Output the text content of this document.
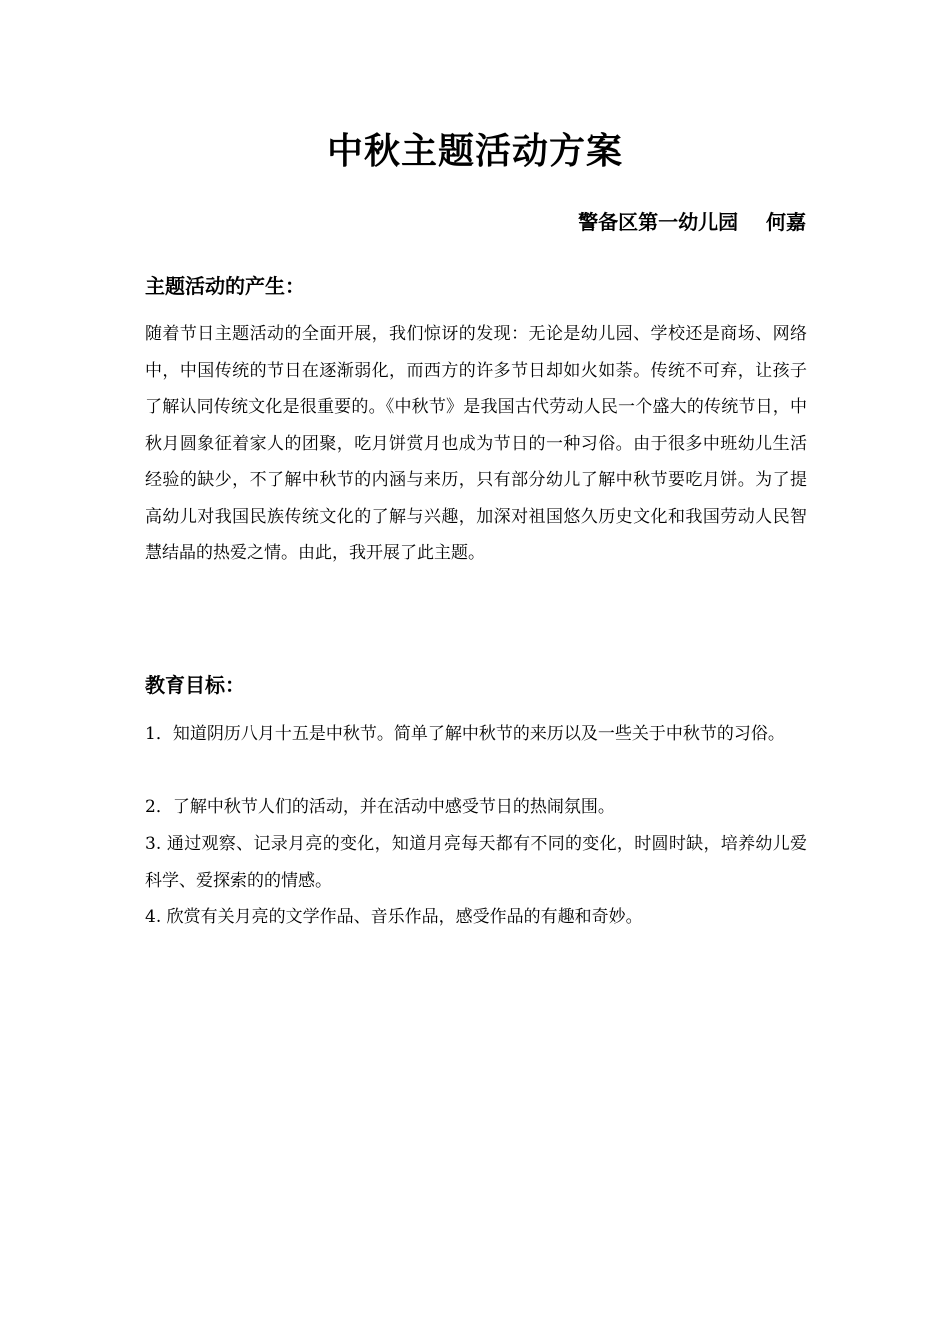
中秋主题活动方案
警备区第一幼儿园    何嘉
主题活动的产生：

随着节日主题活动的全面开展，我们惊讶的发现：无论是幼儿园、学校还是商场、网络中，中国传统的节日在逐渐弱化，而西方的许多节日却如火如荼。传统不可弃，让孩子了解认同传统文化是很重要的。《中秋节》是我国古代劳动人民一个盛大的传统节日，中秋月圆象征着家人的团聚，吃月饼赏月也成为节日的一种习俗。由于很多中班幼儿生活经验的缺少，不了解中秋节的内涵与来历，只有部分幼儿了解中秋节要吃月饼。为了提高幼儿对我国民族传统文化的了解与兴趣，加深对祖国悠久历史文化和我国劳动人民智慧结晶的热爱之情。由此，我开展了此主题。

教育目标：

1．知道阴历八月十五是中秋节。简单了解中秋节的来历以及一些关于中秋节的习俗。

2．了解中秋节人们的活动，并在活动中感受节日的热闹氛围。

3. 通过观察、记录月亮的变化，知道月亮每天都有不同的变化，时圆时缺，培养幼儿爱科学、爱探索的的情感。

4. 欣赏有关月亮的文学作品、音乐作品，感受作品的有趣和奇妙。
